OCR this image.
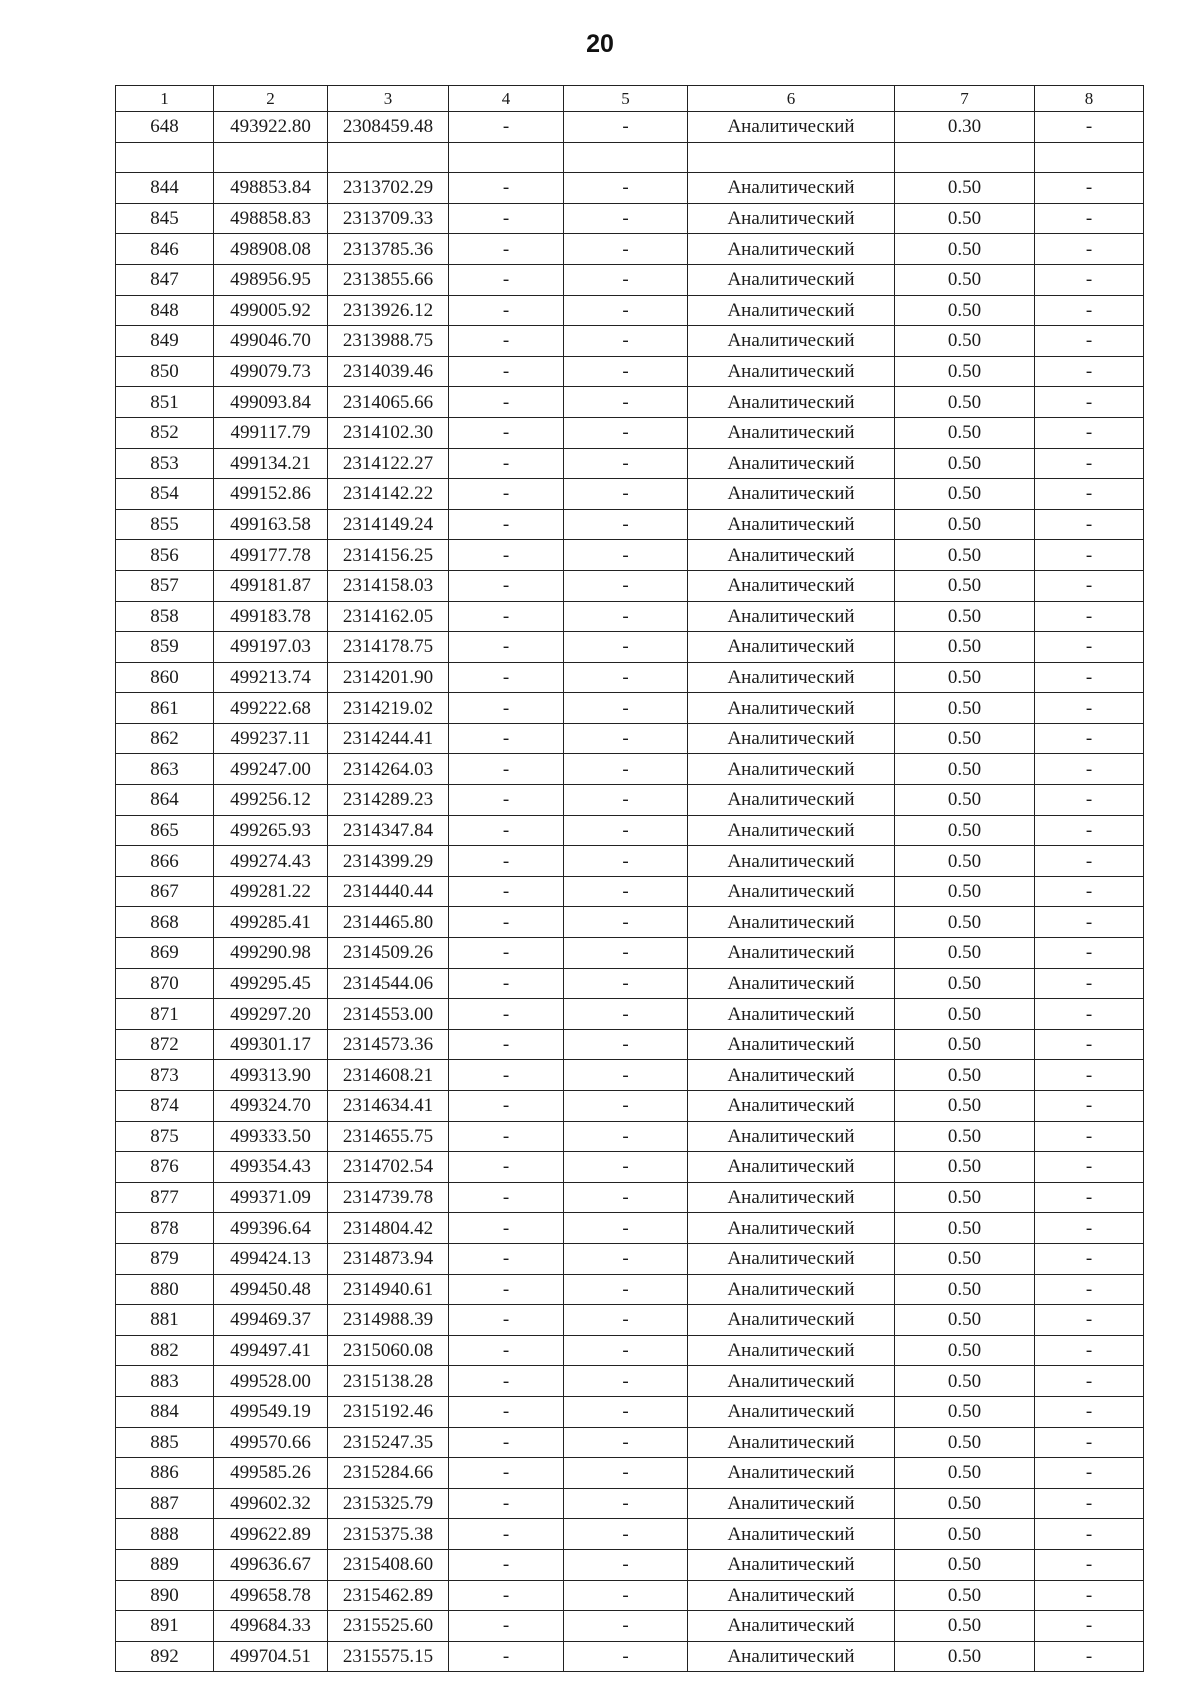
20
1	2	3	4	5	6	7	8
648	493922.80	2308459.48	-	-	Аналитический	0.30	-

844	498853.84	2313702.29	-	-	Аналитический	0.50	-
845	498858.83	2313709.33	-	-	Аналитический	0.50	-
846	498908.08	2313785.36	-	-	Аналитический	0.50	-
847	498956.95	2313855.66	-	-	Аналитический	0.50	-
848	499005.92	2313926.12	-	-	Аналитический	0.50	-
849	499046.70	2313988.75	-	-	Аналитический	0.50	-
850	499079.73	2314039.46	-	-	Аналитический	0.50	-
851	499093.84	2314065.66	-	-	Аналитический	0.50	-
852	499117.79	2314102.30	-	-	Аналитический	0.50	-
853	499134.21	2314122.27	-	-	Аналитический	0.50	-
854	499152.86	2314142.22	-	-	Аналитический	0.50	-
855	499163.58	2314149.24	-	-	Аналитический	0.50	-
856	499177.78	2314156.25	-	-	Аналитический	0.50	-
857	499181.87	2314158.03	-	-	Аналитический	0.50	-
858	499183.78	2314162.05	-	-	Аналитический	0.50	-
859	499197.03	2314178.75	-	-	Аналитический	0.50	-
860	499213.74	2314201.90	-	-	Аналитический	0.50	-
861	499222.68	2314219.02	-	-	Аналитический	0.50	-
862	499237.11	2314244.41	-	-	Аналитический	0.50	-
863	499247.00	2314264.03	-	-	Аналитический	0.50	-
864	499256.12	2314289.23	-	-	Аналитический	0.50	-
865	499265.93	2314347.84	-	-	Аналитический	0.50	-
866	499274.43	2314399.29	-	-	Аналитический	0.50	-
867	499281.22	2314440.44	-	-	Аналитический	0.50	-
868	499285.41	2314465.80	-	-	Аналитический	0.50	-
869	499290.98	2314509.26	-	-	Аналитический	0.50	-
870	499295.45	2314544.06	-	-	Аналитический	0.50	-
871	499297.20	2314553.00	-	-	Аналитический	0.50	-
872	499301.17	2314573.36	-	-	Аналитический	0.50	-
873	499313.90	2314608.21	-	-	Аналитический	0.50	-
874	499324.70	2314634.41	-	-	Аналитический	0.50	-
875	499333.50	2314655.75	-	-	Аналитический	0.50	-
876	499354.43	2314702.54	-	-	Аналитический	0.50	-
877	499371.09	2314739.78	-	-	Аналитический	0.50	-
878	499396.64	2314804.42	-	-	Аналитический	0.50	-
879	499424.13	2314873.94	-	-	Аналитический	0.50	-
880	499450.48	2314940.61	-	-	Аналитический	0.50	-
881	499469.37	2314988.39	-	-	Аналитический	0.50	-
882	499497.41	2315060.08	-	-	Аналитический	0.50	-
883	499528.00	2315138.28	-	-	Аналитический	0.50	-
884	499549.19	2315192.46	-	-	Аналитический	0.50	-
885	499570.66	2315247.35	-	-	Аналитический	0.50	-
886	499585.26	2315284.66	-	-	Аналитический	0.50	-
887	499602.32	2315325.79	-	-	Аналитический	0.50	-
888	499622.89	2315375.38	-	-	Аналитический	0.50	-
889	499636.67	2315408.60	-	-	Аналитический	0.50	-
890	499658.78	2315462.89	-	-	Аналитический	0.50	-
891	499684.33	2315525.60	-	-	Аналитический	0.50	-
892	499704.51	2315575.15	-	-	Аналитический	0.50	-
